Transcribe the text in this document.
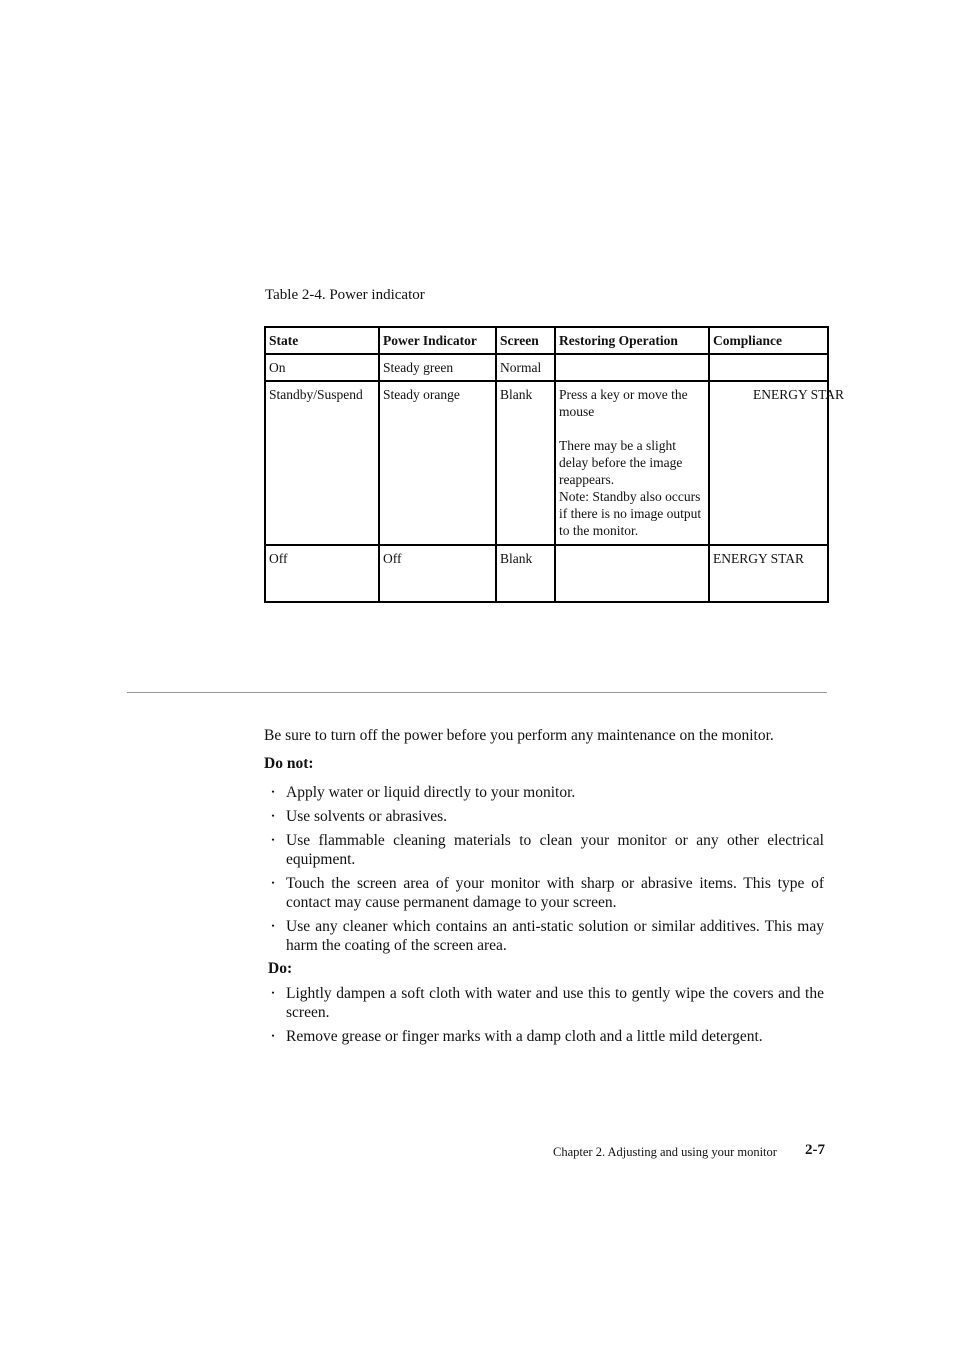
Table 2-4. Power indicator
State	Power Indicator	Screen	Restoring Operation	Compliance
On	Steady green	Normal		
Standby/Suspend	Steady orange	Blank	Press a key or move the mouse

There may be a slight delay before the image reappears.

Note: Standby also occurs if there is no image output to the monitor.	ENERGY STAR
Off	Off	Blank		ENERGY STAR
Be sure to turn off the power before you perform any maintenance on the monitor.
Do not:
・ Apply water or liquid directly to your monitor.
・ Use solvents or abrasives.
・ Use flammable cleaning materials to clean your monitor or any other electrical equipment.
・ Touch the screen area of your monitor with sharp or abrasive items. This type of contact may cause permanent damage to your screen.
・ Use any cleaner which contains an anti-static solution or similar additives. This may harm the coating of the screen area.
Do:
・ Lightly dampen a soft cloth with water and use this to gently wipe the covers and the screen.
・ Remove grease or finger marks with a damp cloth and a little mild detergent.
Chapter 2. Adjusting and using your monitor 2-7
